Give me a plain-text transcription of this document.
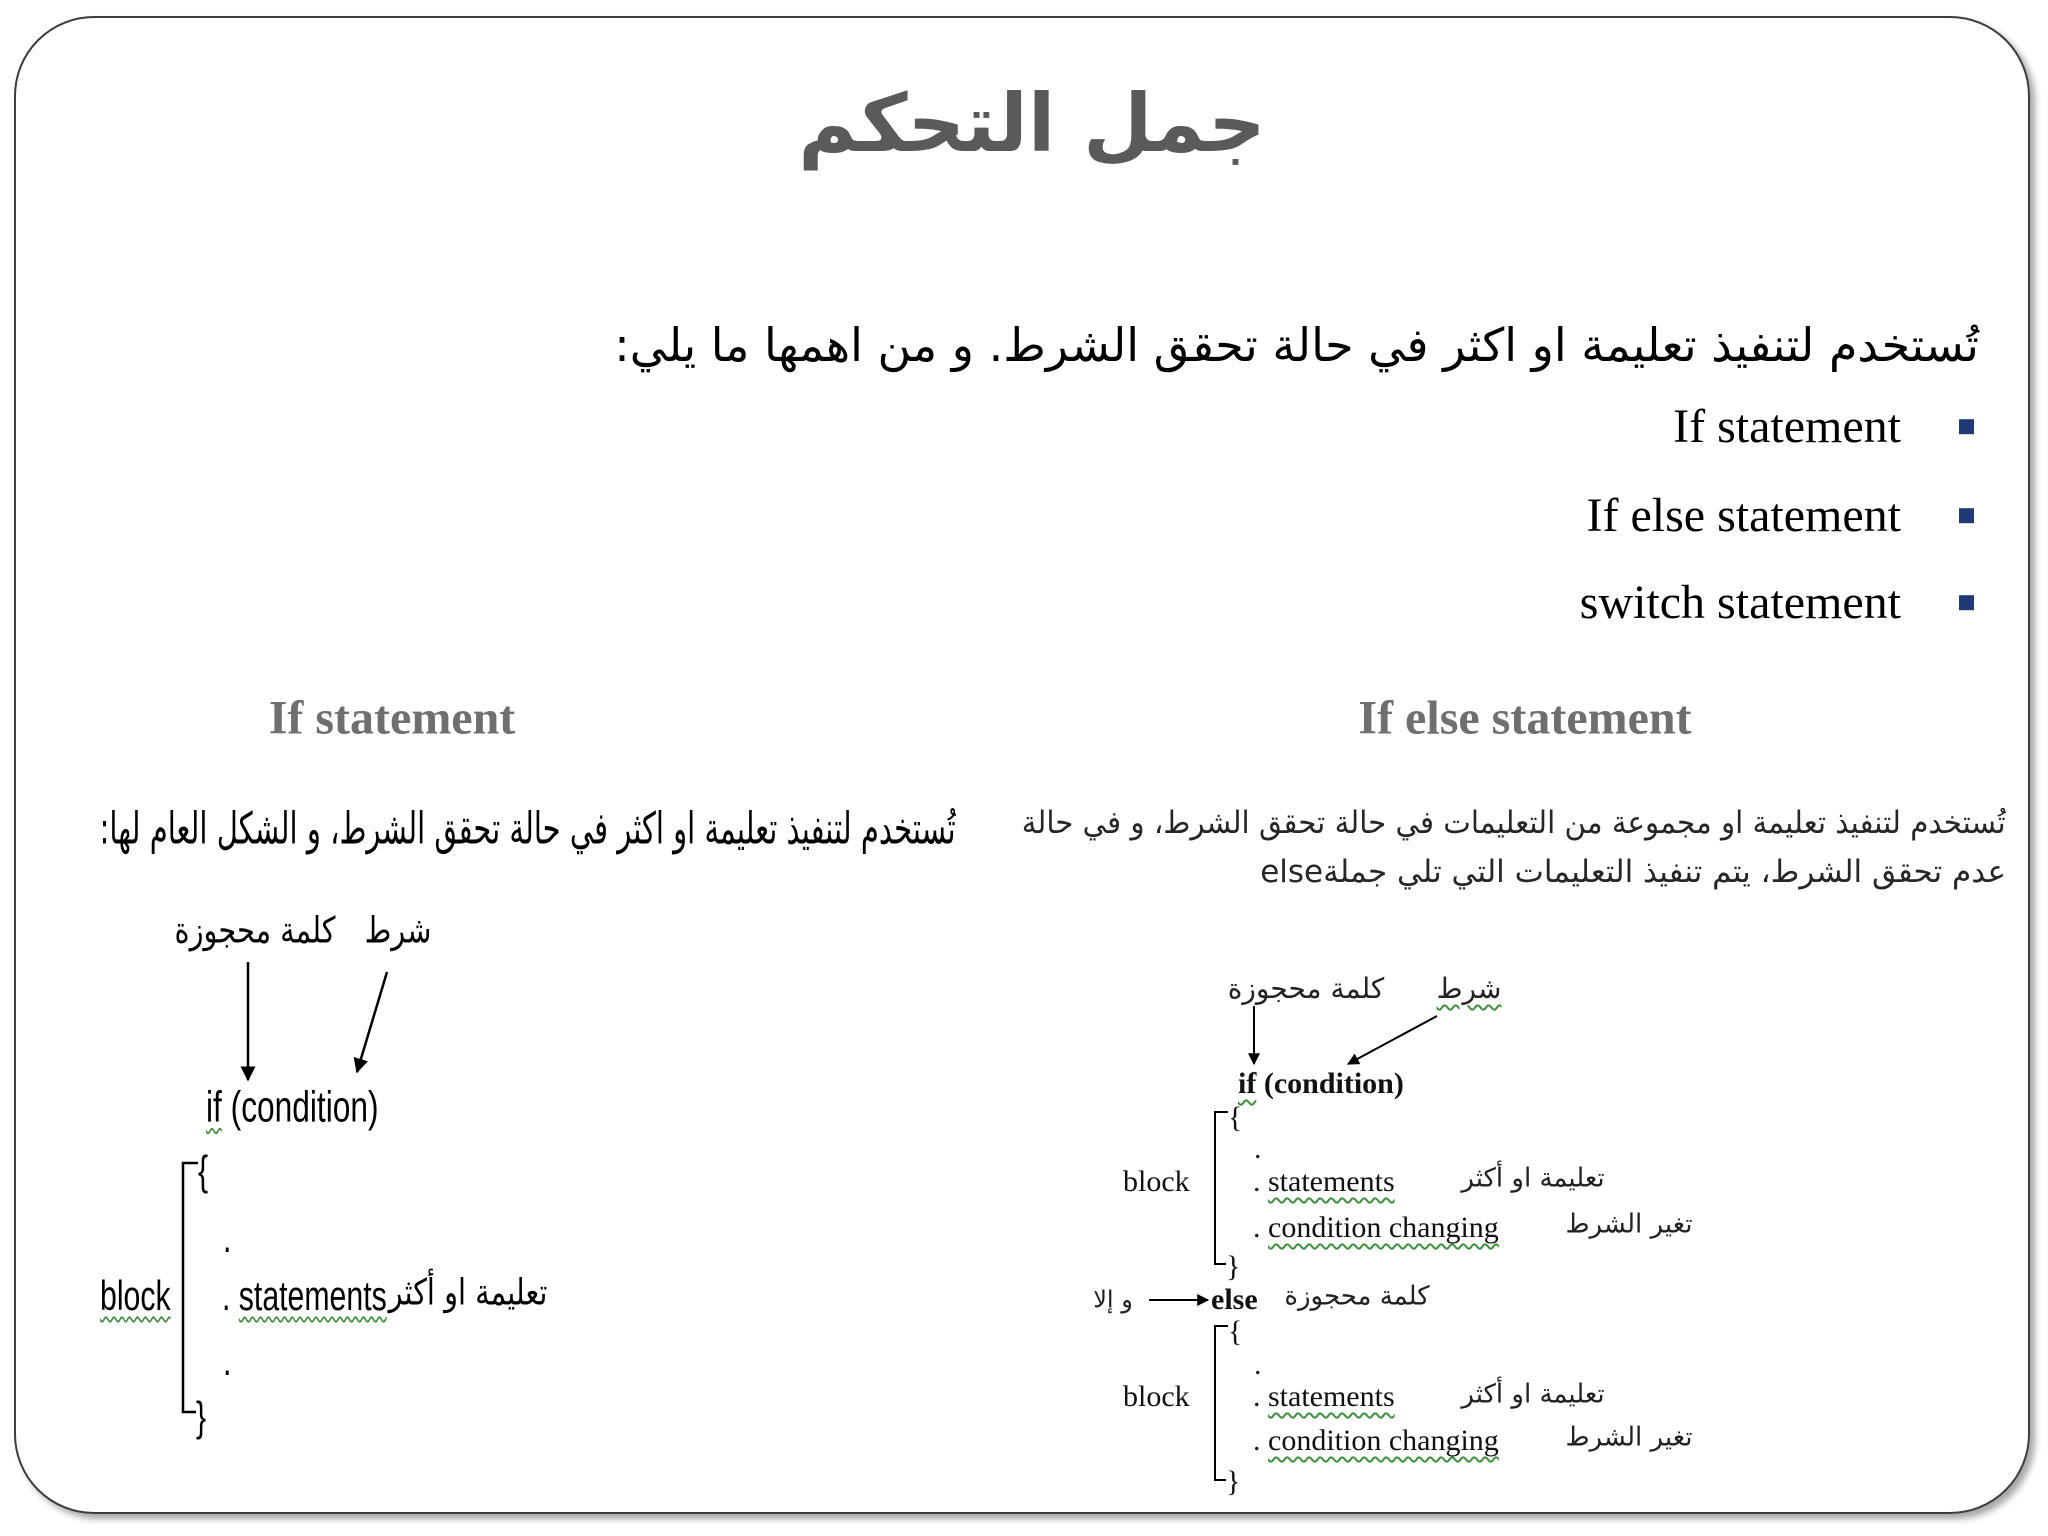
جمل التحكم
تُستخدم لتنفيذ تعليمة او اكثر في حالة تحقق الشرط. و من اهمها ما يلي:
If statement
If else statement
switch statement
If statement	If else statement
تُستخدم لتنفيذ تعليمة او اكثر في حالة تحقق الشرط، و الشكل العام لها: تُستخدم لتنفيذ تعليمة او مجموعة من التعليمات في حالة تحقق الشرط، و في حالة
عدم تحقق الشرط، يتم تنفيذ التعليمات التي تلي جملةelse
شرط
كلمة محجوزة
if (condition)
{
.
. statements تعليمة او أكثر
.
}
block
شرط
كلمة محجوزة
if (condition)
{
.
. statements	تعليمة او أكثر
. condition changing	تغير الشرط
}
block
و إلا	else كلمة محجوزة
{
.
. statements	تعليمة او أكثر
. condition changing	تغير الشرط
}
block
